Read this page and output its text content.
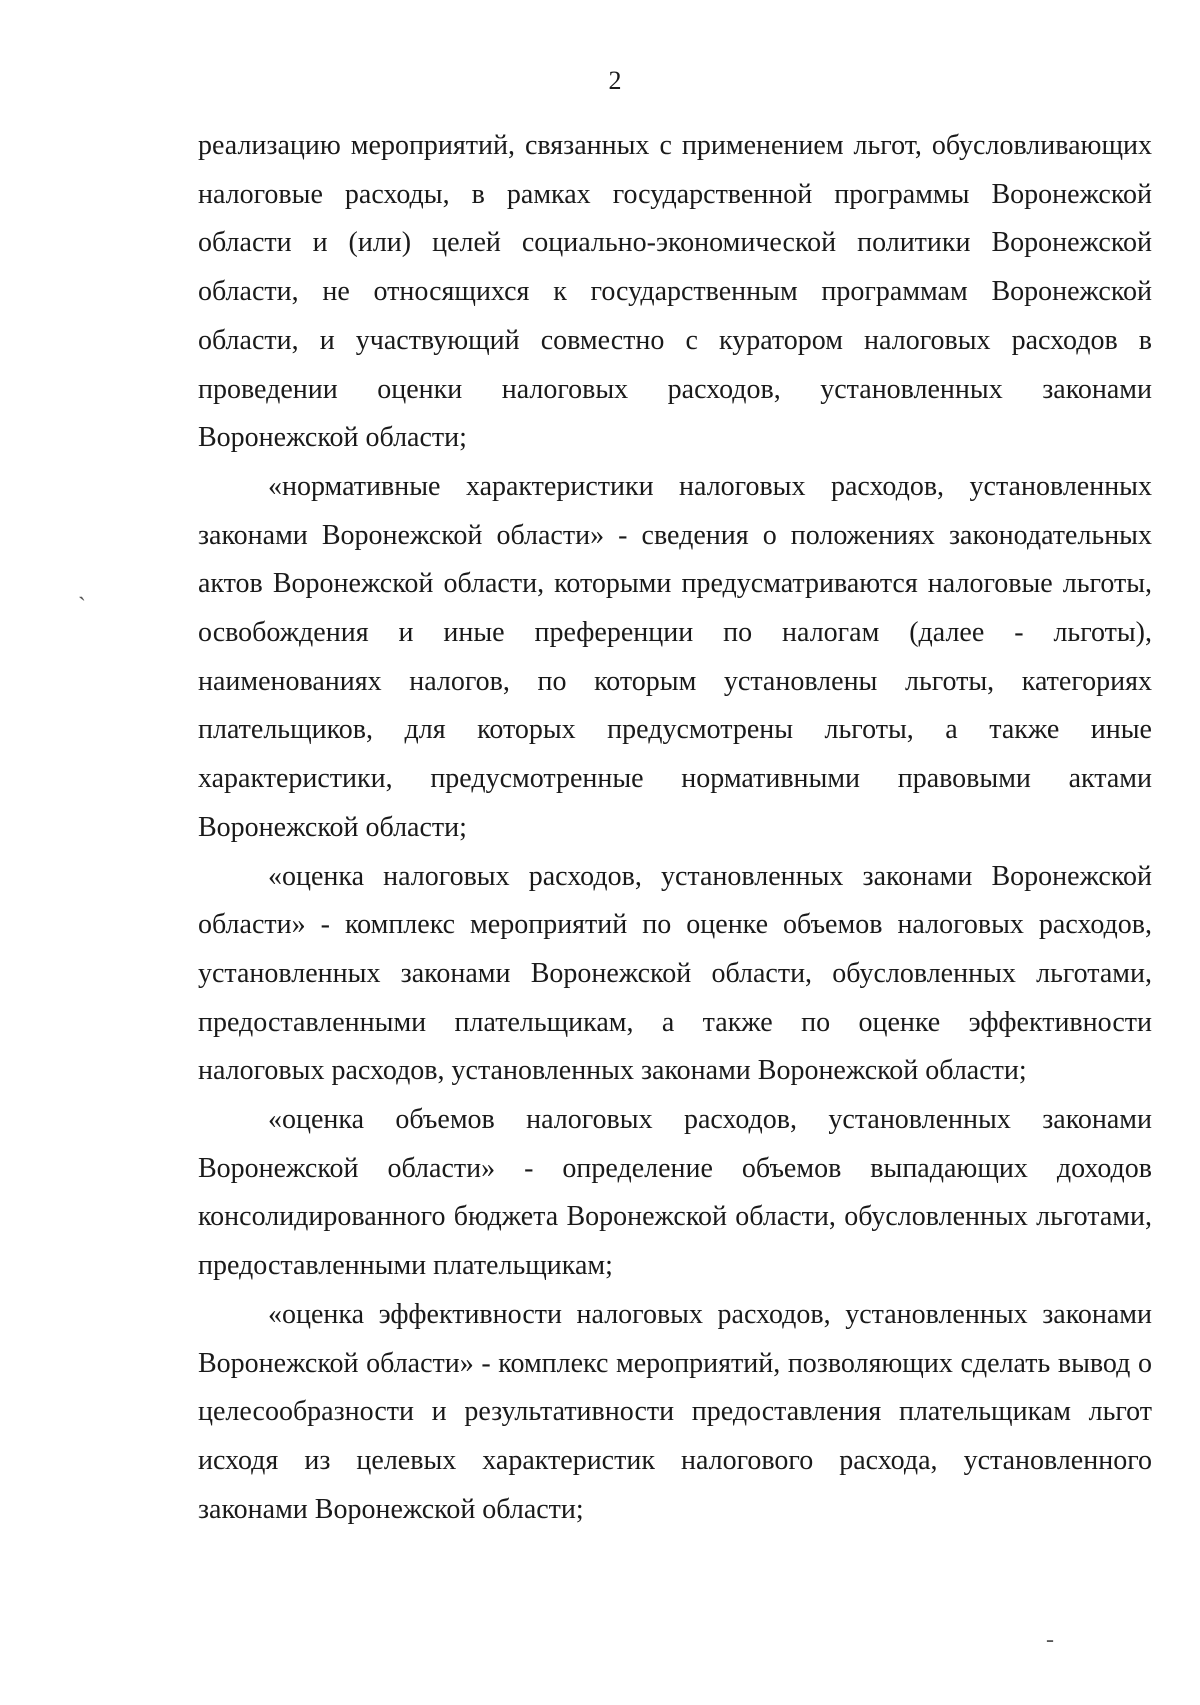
2

реализацию мероприятий, связанных с применением льгот, обусловливающих налоговые расходы, в рамках государственной программы Воронежской области и (или) целей социально-экономической политики Воронежской области, не относящихся к государственным программам Воронежской области, и участвующий совместно с куратором налоговых расходов в проведении оценки налоговых расходов, установленных законами Воронежской области;

«нормативные характеристики налоговых расходов, установленных законами Воронежской области» - сведения о положениях законодательных актов Воронежской области, которыми предусматриваются налоговые льготы, освобождения и иные преференции по налогам (далее - льготы), наименованиях налогов, по которым установлены льготы, категориях плательщиков, для которых предусмотрены льготы, а также иные характеристики, предусмотренные нормативными правовыми актами Воронежской области;

«оценка налоговых расходов, установленных законами Воронежской области» - комплекс мероприятий по оценке объемов налоговых расходов, установленных законами Воронежской области, обусловленных льготами, предоставленными плательщикам, а также по оценке эффективности налоговых расходов, установленных законами Воронежской области;

«оценка объемов налоговых расходов, установленных законами Воронежской области» - определение объемов выпадающих доходов консолидированного бюджета Воронежской области, обусловленных льготами, предоставленными плательщикам;

«оценка эффективности налоговых расходов, установленных законами Воронежской области» - комплекс мероприятий, позволяющих сделать вывод о целесообразности и результативности предоставления плательщикам льгот исходя из целевых характеристик налогового расхода, установленного законами Воронежской области;

ˏ
-
